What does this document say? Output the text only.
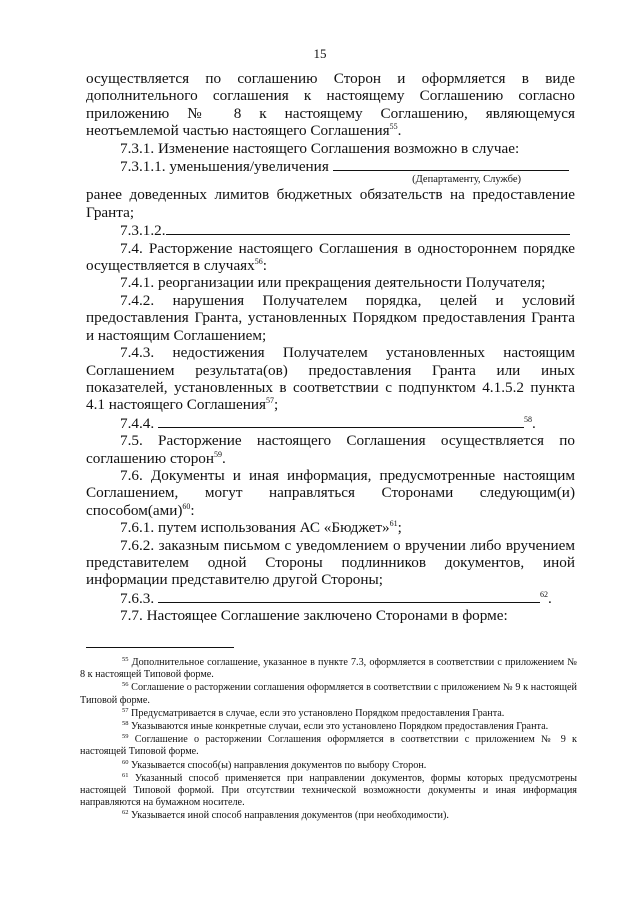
15

осуществляется по соглашению Сторон и оформляется в виде

дополнительного соглашения к настоящему Соглашению согласно

приложению № 8 к настоящему Соглашению, являющемуся

неотъемлемой частью настоящего Соглашения$^{55}$.

7.3.1. Изменение настоящего Соглашения возможно в случае:

7.3.1.1. уменьшения/увеличения

(Департаменту, Службе)

ранее доведенных лимитов бюджетных обязательств на предоставление Гранта;

7.3.1.2.

7.4. Расторжение настоящего Соглашения в одностороннем порядке осуществляется в случаях$^{56}$:

7.4.1. реорганизации или прекращения деятельности Получателя;

7.4.2. нарушения Получателем порядка, целей и условий предоставления Гранта, установленных Порядком предоставления Гранта и настоящим Соглашением;

7.4.3. недостижения Получателем установленных настоящим Соглашением результата(ов) предоставления Гранта или иных показателей, установленных в соответствии с подпунктом 4.1.5.2 пункта 4.1 настоящего Соглашения$^{57}$;

7.4.4.	$^{58}$.

7.5. Расторжение настоящего Соглашения осуществляется по соглашению сторон$^{59}$.

7.6. Документы и иная информация, предусмотренные настоящим Соглашением, могут направляться Сторонами следующим(и) способом(ами)$^{60}$:

7.6.1. путем использования АС «Бюджет»$^{61}$;

7.6.2. заказным письмом с уведомлением о вручении либо вручением представителем одной Стороны подлинников документов, иной информации представителю другой Стороны;

7.6.3.	$^{62}$.

7.7. Настоящее Соглашение заключено Сторонами в форме:

$^{55}$ Дополнительное соглашение, указанное в пункте 7.3, оформляется в соответствии с приложением № 8 к настоящей Типовой форме.

$^{56}$ Соглашение о расторжении соглашения оформляется в соответствии с приложением № 9 к настоящей Типовой форме.

$^{57}$ Предусматривается в случае, если это установлено Порядком предоставления Гранта.

$^{58}$ Указываются иные конкретные случаи, если это установлено Порядком предоставления Гранта.

$^{59}$ Соглашение о расторжении Соглашения оформляется в соответствии с приложением № 9 к настоящей Типовой форме.

$^{60}$ Указывается способ(ы) направления документов по выбору Сторон.

$^{61}$ Указанный способ применяется при направлении документов, формы которых предусмотрены настоящей Типовой формой. При отсутствии технической возможности документы и иная информация направляются на бумажном носителе.

$^{62}$ Указывается иной способ направления документов (при необходимости).
